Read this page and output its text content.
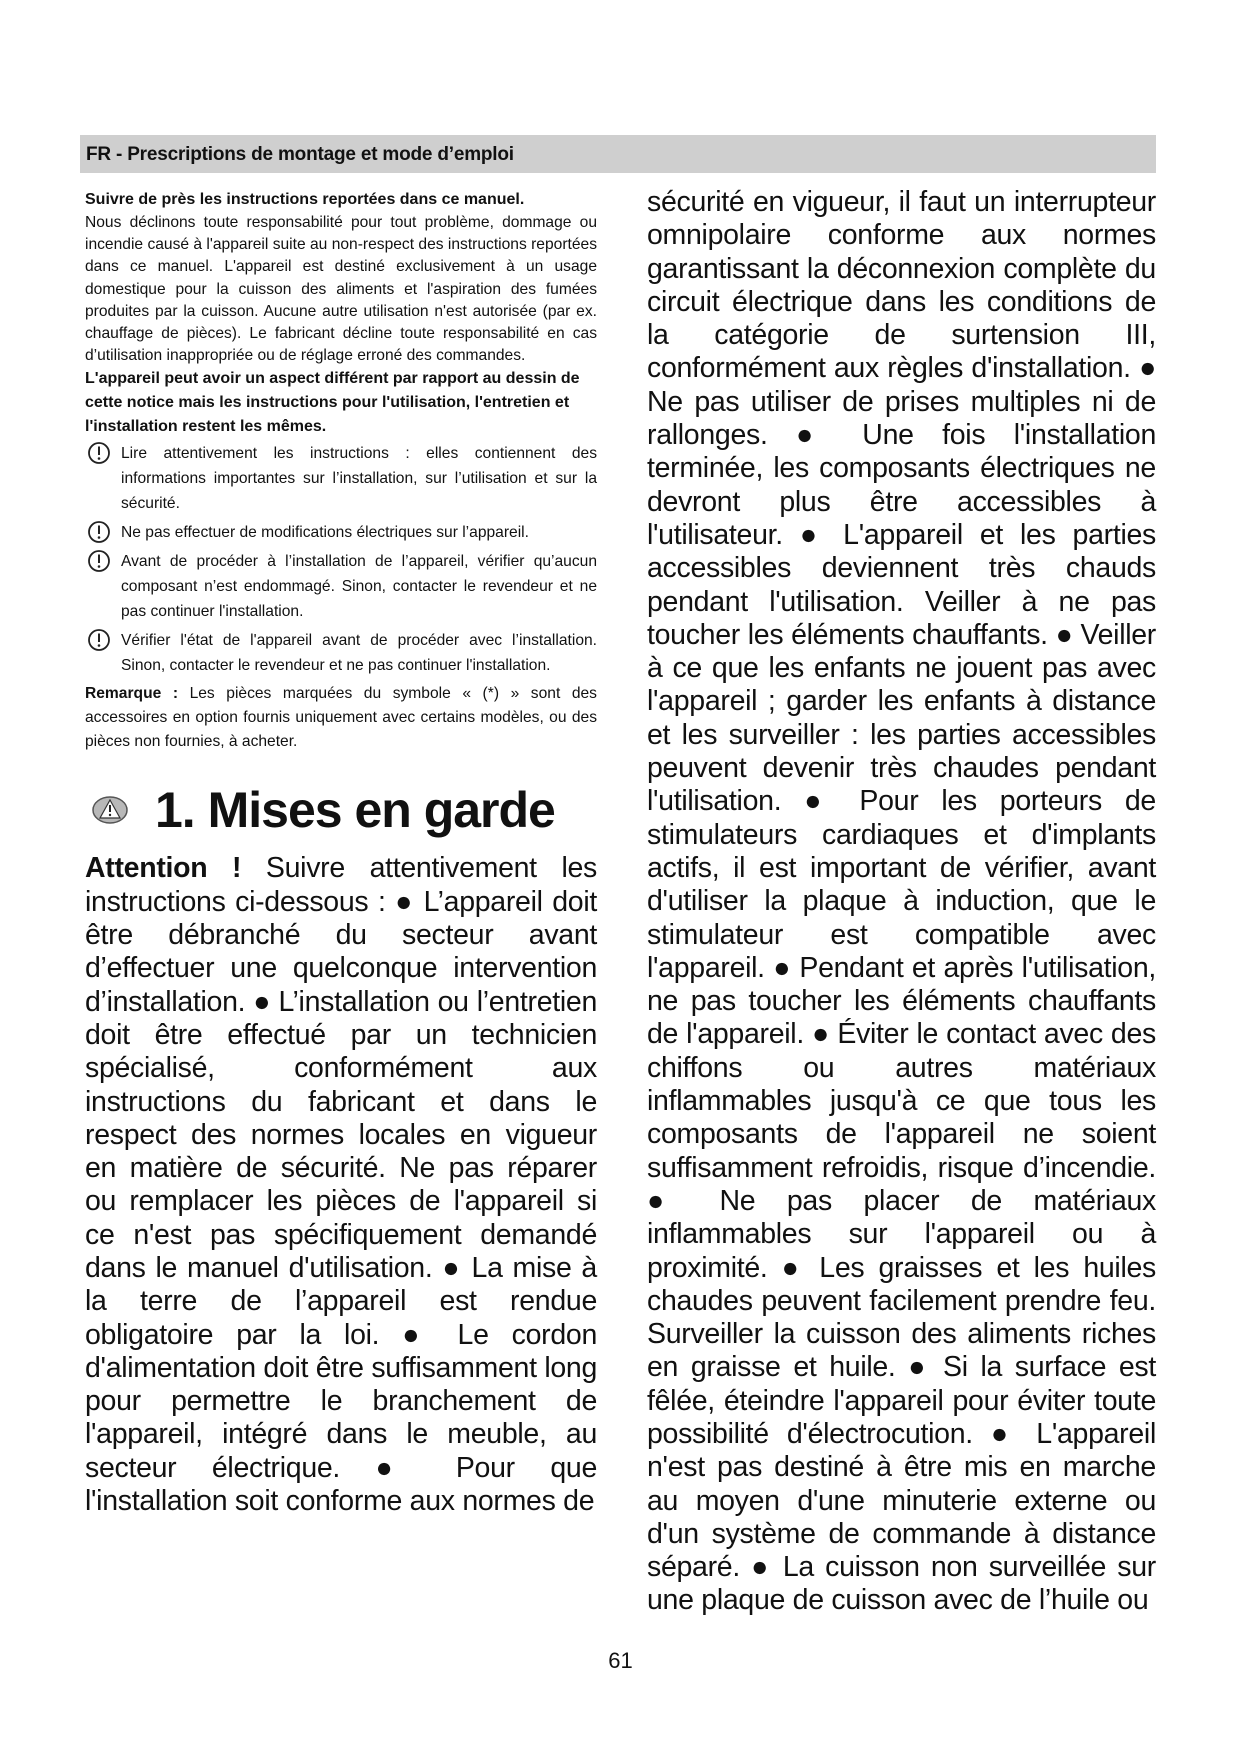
FR - Prescriptions de montage et mode d’emploi

Suivre de près les instructions reportées dans ce manuel.

Nous déclinons toute responsabilité pour tout problème, dommage ou incendie causé à l'appareil suite au non-respect des instructions reportées dans ce manuel. L'appareil est destiné exclusivement à un usage domestique pour la cuisson des aliments et l'aspiration des fumées produites par la cuisson. Aucune autre utilisation n'est autorisée (par ex. chauffage de pièces). Le fabricant décline toute responsabilité en cas d’utilisation inappropriée ou de réglage erroné des commandes.

L'appareil peut avoir un aspect différent par rapport au dessin de cette notice mais les instructions pour l'utilisation, l'entretien et l'installation restent les mêmes.

Lire attentivement les instructions : elles contiennent des informations importantes sur l’installation, sur l’utilisation et sur la sécurité.
Ne pas effectuer de modifications électriques sur l’appareil.
Avant de procéder à l’installation de l’appareil, vérifier qu’aucun composant n’est endommagé. Sinon, contacter le revendeur et ne pas continuer l'installation.
Vérifier l'état de l'appareil avant de procéder avec l’installation. Sinon, contacter le revendeur et ne pas continuer l'installation.

Remarque : Les pièces marquées du symbole « (*) » sont des accessoires en option fournis uniquement avec certains modèles, ou des pièces non fournies, à acheter.

1. Mises en garde

Attention ! Suivre attentivement les instructions ci-dessous : ● L’appareil doit être débranché du secteur avant d’effectuer une quelconque intervention d’installation. ● L’installation ou l’entretien doit être effectué par un technicien spécialisé, conformément aux instructions du fabricant et dans le respect des normes locales en vigueur en matière de sécurité. Ne pas réparer ou remplacer les pièces de l'appareil si ce n'est pas spécifiquement demandé dans le manuel d'utilisation. ● La mise à la terre de l’appareil est rendue obligatoire par la loi. ● Le cordon d'alimentation doit être suffisamment long pour permettre le branchement de l'appareil, intégré dans le meuble, au secteur électrique. ● Pour que l'installation soit conforme aux normes de

sécurité en vigueur, il faut un interrupteur omnipolaire conforme aux normes garantissant la déconnexion complète du circuit électrique dans les conditions de la catégorie de surtension III, conformément aux règles d'installation. ● Ne pas utiliser de prises multiples ni de rallonges. ● Une fois l'installation terminée, les composants électriques ne devront plus être accessibles à l'utilisateur. ● L'appareil et les parties accessibles deviennent très chauds pendant l'utilisation. Veiller à ne pas toucher les éléments chauffants. ● Veiller à ce que les enfants ne jouent pas avec l'appareil ; garder les enfants à distance et les surveiller : les parties accessibles peuvent devenir très chaudes pendant l'utilisation. ● Pour les porteurs de stimulateurs cardiaques et d'implants actifs, il est important de vérifier, avant d'utiliser la plaque à induction, que le stimulateur est compatible avec l'appareil. ● Pendant et après l'utilisation, ne pas toucher les éléments chauffants de l'appareil. ● Éviter le contact avec des chiffons ou autres matériaux inflammables jusqu'à ce que tous les composants de l'appareil ne soient suffisamment refroidis, risque d’incendie. ● Ne pas placer de matériaux inflammables sur l'appareil ou à proximité. ● Les graisses et les huiles chaudes peuvent facilement prendre feu. Surveiller la cuisson des aliments riches en graisse et huile. ● Si la surface est fêlée, éteindre l'appareil pour éviter toute possibilité d'électrocution. ● L'appareil n'est pas destiné à être mis en marche au moyen d'une minuterie externe ou d'un système de commande à distance séparé. ● La cuisson non surveillée sur une plaque de cuisson avec de l’huile ou

61
